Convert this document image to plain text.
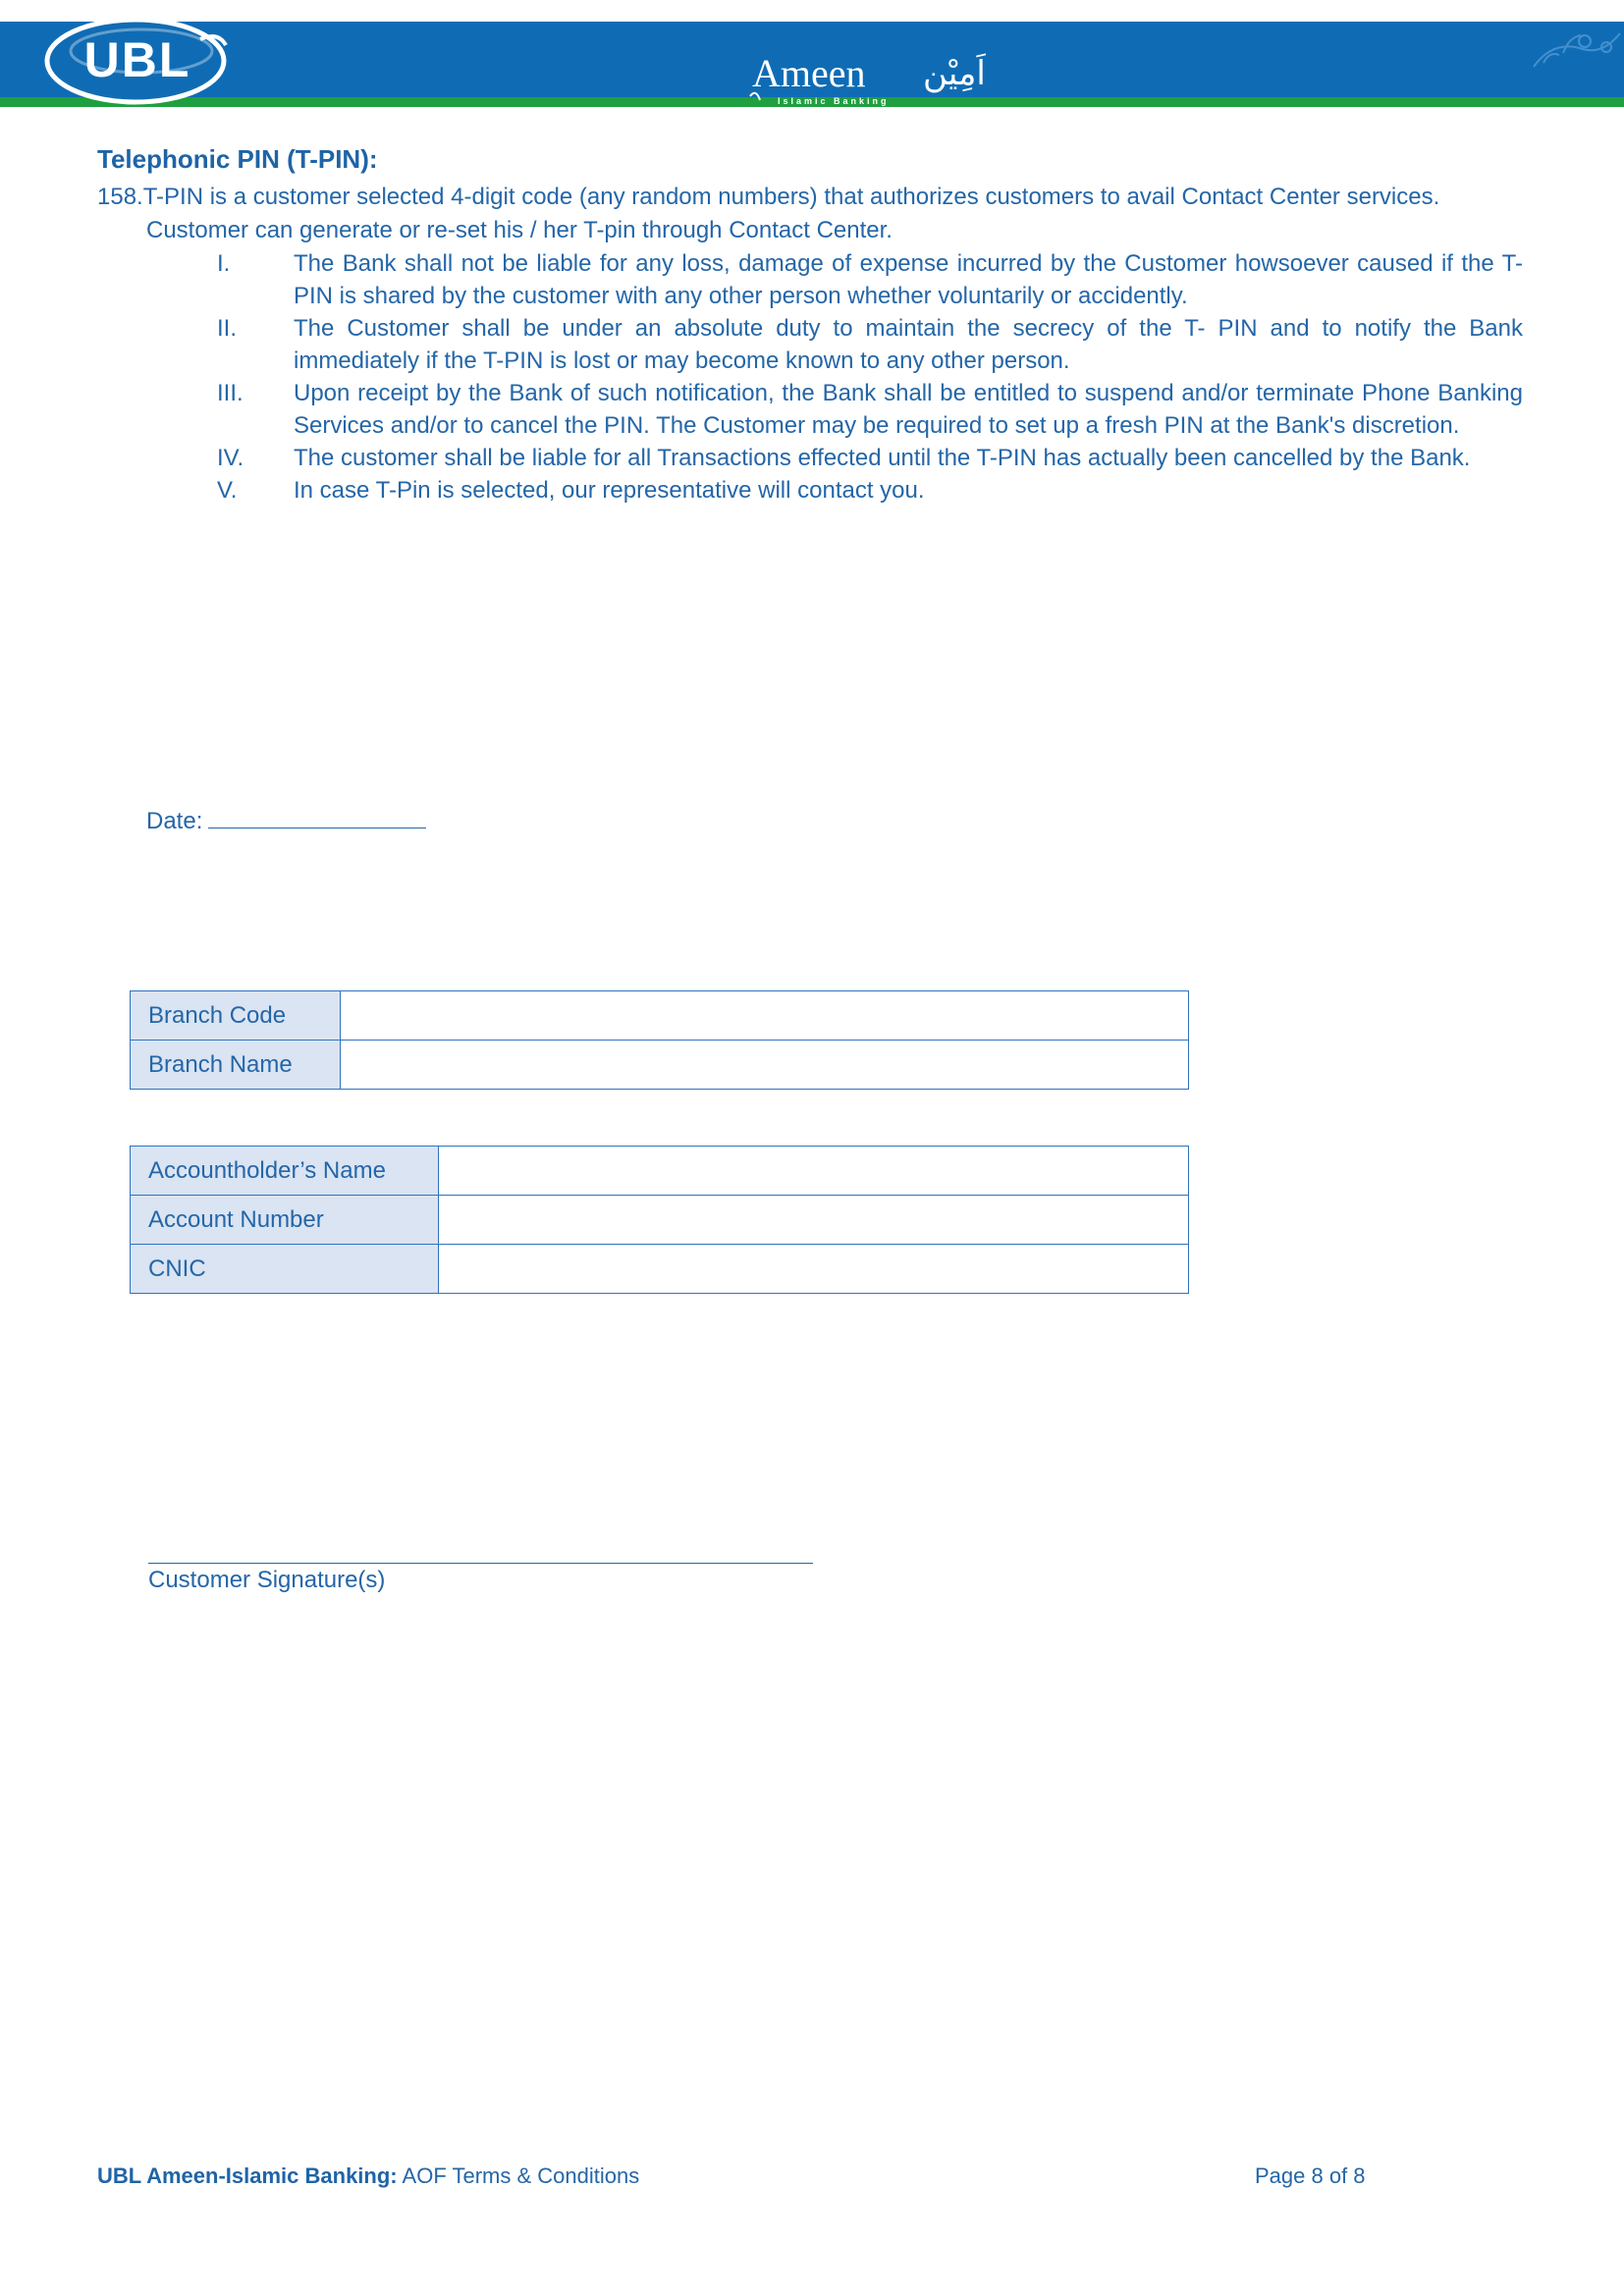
UBL	Ameen
Islamic Banking
اَمِیْن
Telephonic PIN (T-PIN):

158.T-PIN is a customer selected 4-digit code (any random numbers) that authorizes customers to avail Contact Center services.
Customer can generate or re-set his / her T-pin through Contact Center.

I.	The Bank shall not be liable for any loss, damage of expense incurred by the Customer howsoever caused if the T- PIN is shared by the customer with any other person whether voluntarily or accidently.
II. The Customer shall be under an absolute duty to maintain the secrecy of the T- PIN and to notify the Bank immediately if the T-PIN is lost or may become known to any other person.
III. Upon receipt by the Bank of such notification, the Bank shall be entitled to suspend and/or terminate Phone Banking Services and/or to cancel the PIN. The Customer may be required to set up a fresh PIN at the Bank's discretion.
IV. The customer shall be liable for all Transactions effected until the T-PIN has actually been cancelled by the Bank.
V. In case T-Pin is selected, our representative will contact you.
Date:
Branch Code	
Branch Name	
Accountholder’s Name	
Account Number	
CNIC	
Customer Signature(s)
UBL Ameen-Islamic Banking: AOF Terms & Conditions	Page 8 of 8
